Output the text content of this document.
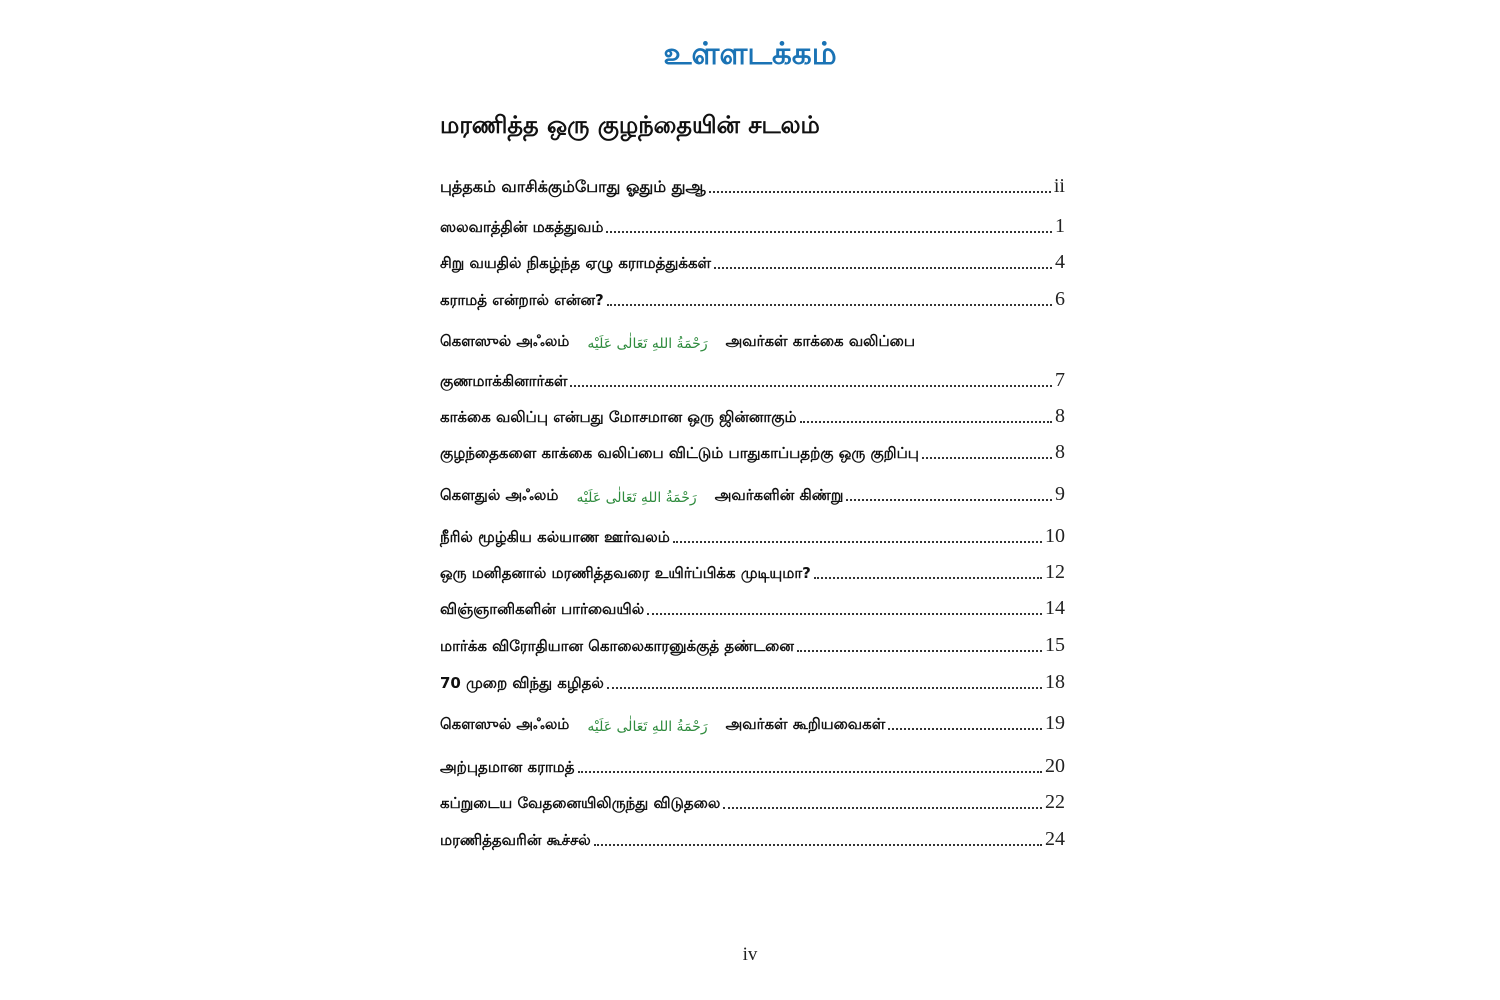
உள்ளடக்கம்
மரணித்த ஒரு குழந்தையின் சடலம்
புத்தகம் வாசிக்கும்போது ஓதும் துஆ	ii
ஸலவாத்தின் மகத்துவம்	1
சிறு வயதில் நிகழ்ந்த ஏழு கராமத்துக்கள்	4
கராமத் என்றால் என்ன?	6
கௌஸுல் அஃலம் رَحْمَةُ اللهِ تَعَالٰى عَلَيْه அவர்கள் காக்கை வலிப்பை
குணமாக்கினார்கள்	7
காக்கை வலிப்பு என்பது மோசமான ஒரு ஜின்னாகும்	8
குழந்தைகளை காக்கை வலிப்பை விட்டும் பாதுகாப்பதற்கு ஒரு குறிப்பு	8
கௌதுல் அஃலம் رَحْمَةُ اللهِ تَعَالٰى عَلَيْه அவர்களின் கிண்று	9
நீரில் மூழ்கிய கல்யாண ஊர்வலம்	10
ஒரு மனிதனால் மரணித்தவரை உயிர்ப்பிக்க முடியுமா?	12
விஞ்ஞானிகளின் பார்வையில்	14
மார்க்க விரோதியான கொலைகாரனுக்குத் தண்டனை	15
70 முறை விந்து கழிதல்	18
கௌஸுல் அஃலம் رَحْمَةُ اللهِ تَعَالٰى عَلَيْه அவர்கள் கூறியவைகள்	19
அற்புதமான கராமத்	20
கப்றுடைய வேதனையிலிருந்து விடுதலை	22
மரணித்தவரின் கூச்சல்	24
iv
